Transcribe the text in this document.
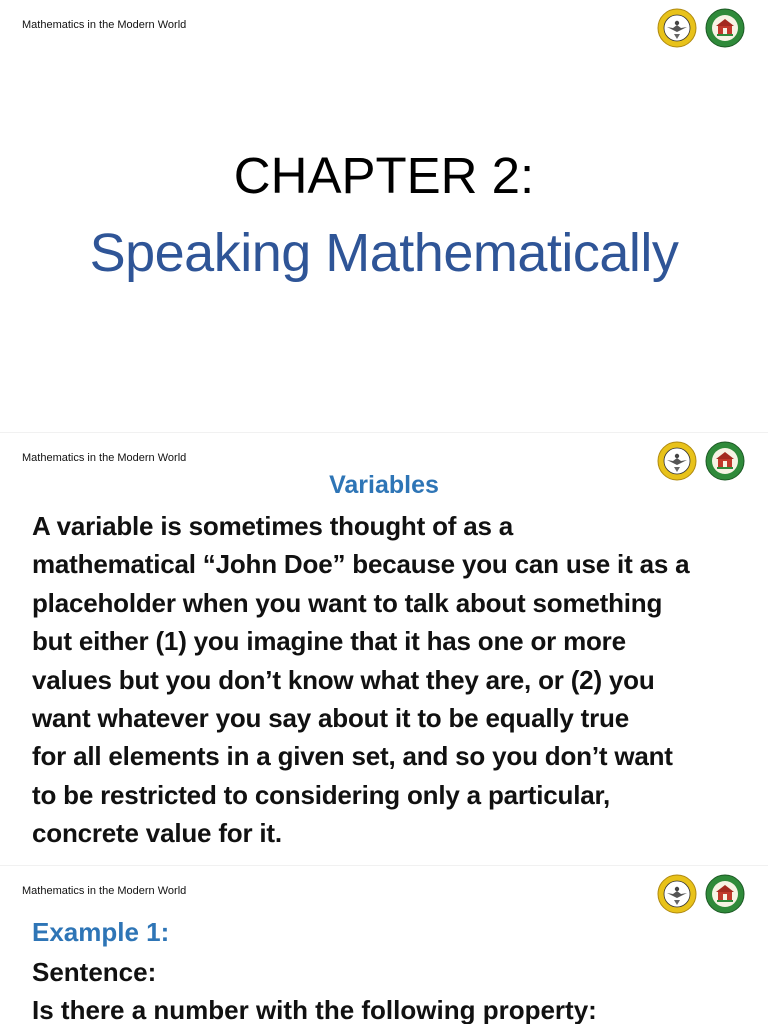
Mathematics in the Modern World
CHAPTER 2:
Speaking Mathematically
Mathematics in the Modern World
Variables
A variable is sometimes thought of as a
mathematical “John Doe” because you can use it as a
placeholder when you want to talk about something
but either (1) you imagine that it has one or more
values but you don’t know what they are, or (2) you
want whatever you say about it to be equally true
for all elements in a given set, and so you don’t want
to be restricted to considering only a particular,
concrete value for it.
Mathematics in the Modern World
Example 1:
Sentence:
Is there a number with the following property:
